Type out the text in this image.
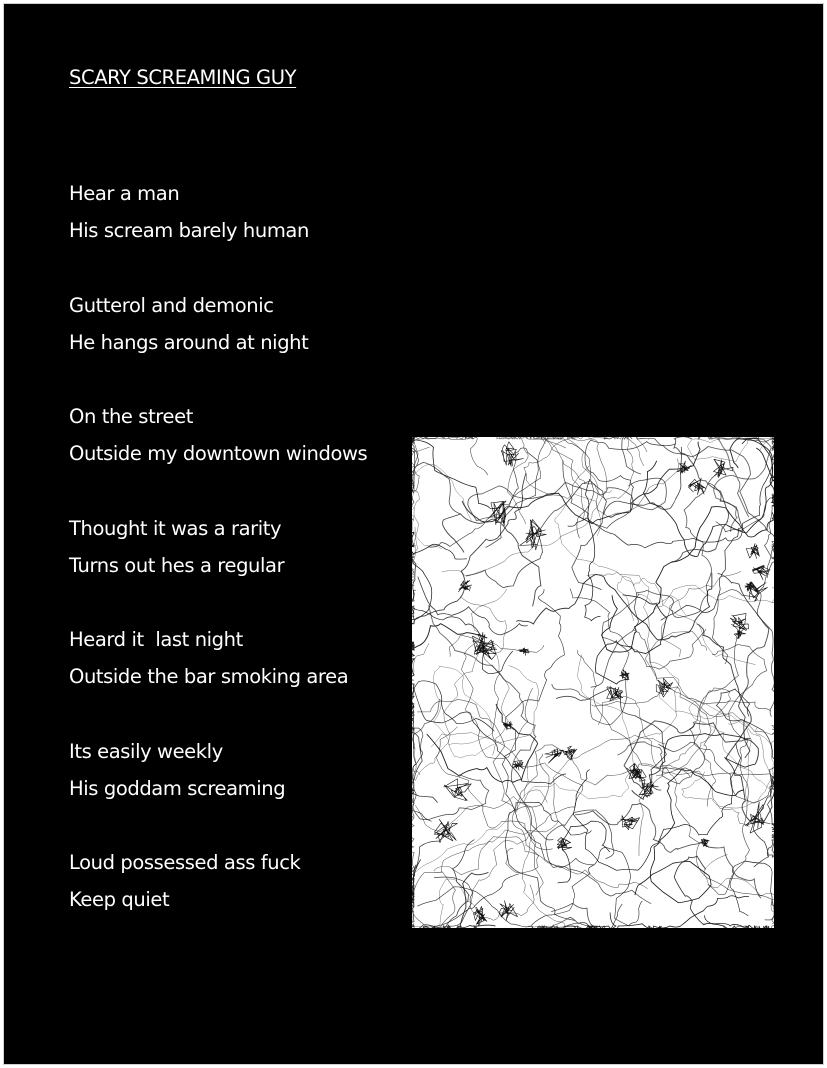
SCARY SCREAMING GUY
Hear a man
His scream barely human
Gutterol and demonic
He hangs around at night
On the street
Outside my downtown windows
Thought it was a rarity
Turns out hes a regular
Heard it  last night
Outside the bar smoking area
Its easily weekly
His goddam screaming
Loud possessed ass fuck
Keep quiet
